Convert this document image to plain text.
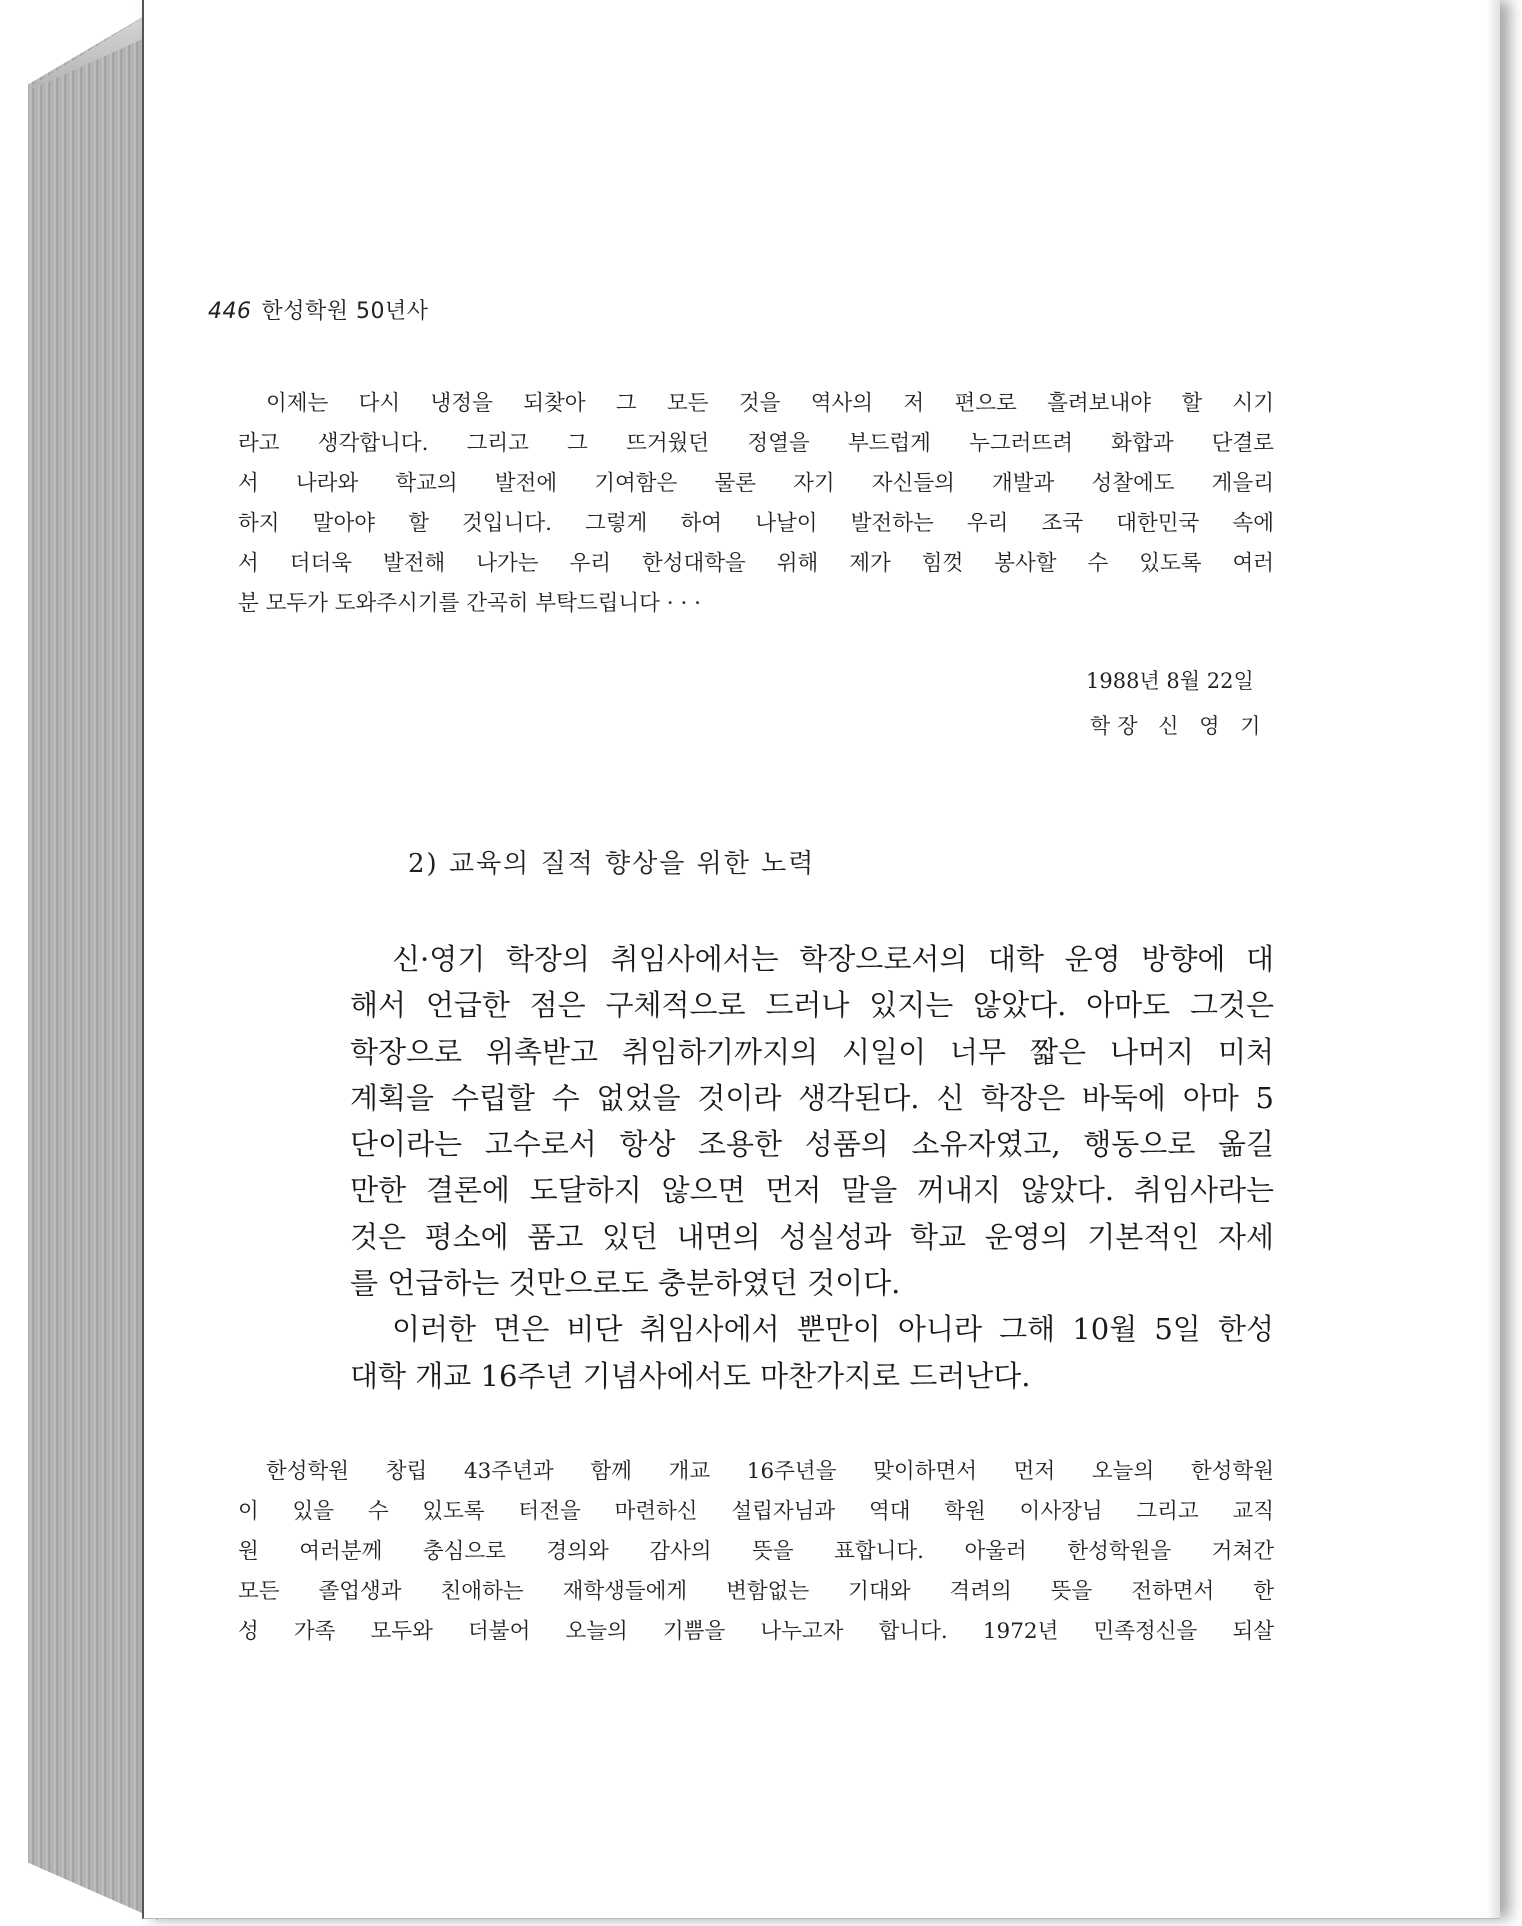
446 한성학원 50년사
이제는 다시 냉정을 되찾아 그 모든 것을 역사의 저 편으로 흘려보내야 할 시기
라고 생각합니다. 그리고 그 뜨거웠던 정열을 부드럽게 누그러뜨려 화합과 단결로
서 나라와 학교의 발전에 기여함은 물론 자기 자신들의 개발과 성찰에도 게을리
하지 말아야 할 것입니다. 그렇게 하여 나날이 발전하는 우리 조국 대한민국 속에
서 더더욱 발전해 나가는 우리 한성대학을 위해 제가 힘껏 봉사할 수 있도록 여러
분 모두가 도와주시기를 간곡히 부탁드립니다 · · ·
1988년 8월 22일
학장 신 영 기
2) 교육의 질적 향상을 위한 노력
신·영기 학장의 취임사에서는 학장으로서의 대학 운영 방향에 대
해서 언급한 점은 구체적으로 드러나 있지는 않았다. 아마도 그것은
학장으로 위촉받고 취임하기까지의 시일이 너무 짧은 나머지 미처
계획을 수립할 수 없었을 것이라 생각된다. 신 학장은 바둑에 아마 5
단이라는 고수로서 항상 조용한 성품의 소유자였고, 행동으로 옮길
만한 결론에 도달하지 않으면 먼저 말을 꺼내지 않았다. 취임사라는
것은 평소에 품고 있던 내면의 성실성과 학교 운영의 기본적인 자세
를 언급하는 것만으로도 충분하였던 것이다.
이러한 면은 비단 취임사에서 뿐만이 아니라 그해 10월 5일 한성
대학 개교 16주년 기념사에서도 마찬가지로 드러난다.
한성학원 창립 43주년과 함께 개교 16주년을 맞이하면서 먼저 오늘의 한성학원
이 있을 수 있도록 터전을 마련하신 설립자님과 역대 학원 이사장님 그리고 교직
원 여러분께 충심으로 경의와 감사의 뜻을 표합니다. 아울러 한성학원을 거쳐간
모든 졸업생과 친애하는 재학생들에게 변함없는 기대와 격려의 뜻을 전하면서 한
성 가족 모두와 더불어 오늘의 기쁨을 나누고자 합니다. 1972년 민족정신을 되살
